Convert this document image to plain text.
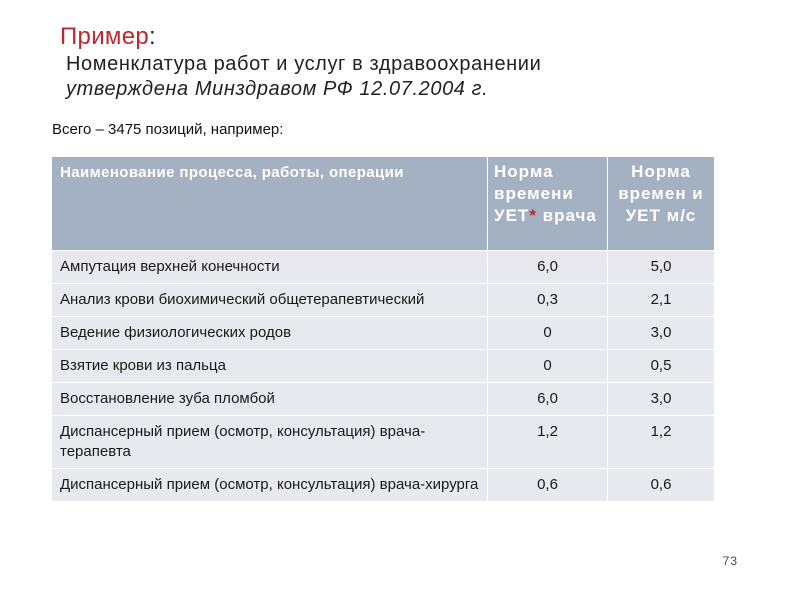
Пример:
Номенклатура работ и услуг в здравоохранении
утверждена Минздравом РФ 12.07.2004 г.
Всего – 3475 позиций, например:
Наименование процесса, работы, операции	Норма времени УЕТ* врача	Норма времен и УЕТ м/с
Ампутация верхней конечности	6,0	5,0
Анализ крови биохимический общетерапевтический	0,3	2,1
Ведение физиологических родов	0	3,0
Взятие крови из пальца	0	0,5
Восстановление зуба пломбой	6,0	3,0
Диспансерный прием (осмотр, консультация) врача-терапевта	1,2	1,2
Диспансерный прием (осмотр, консультация) врача-хирурга	0,6	0,6
73
